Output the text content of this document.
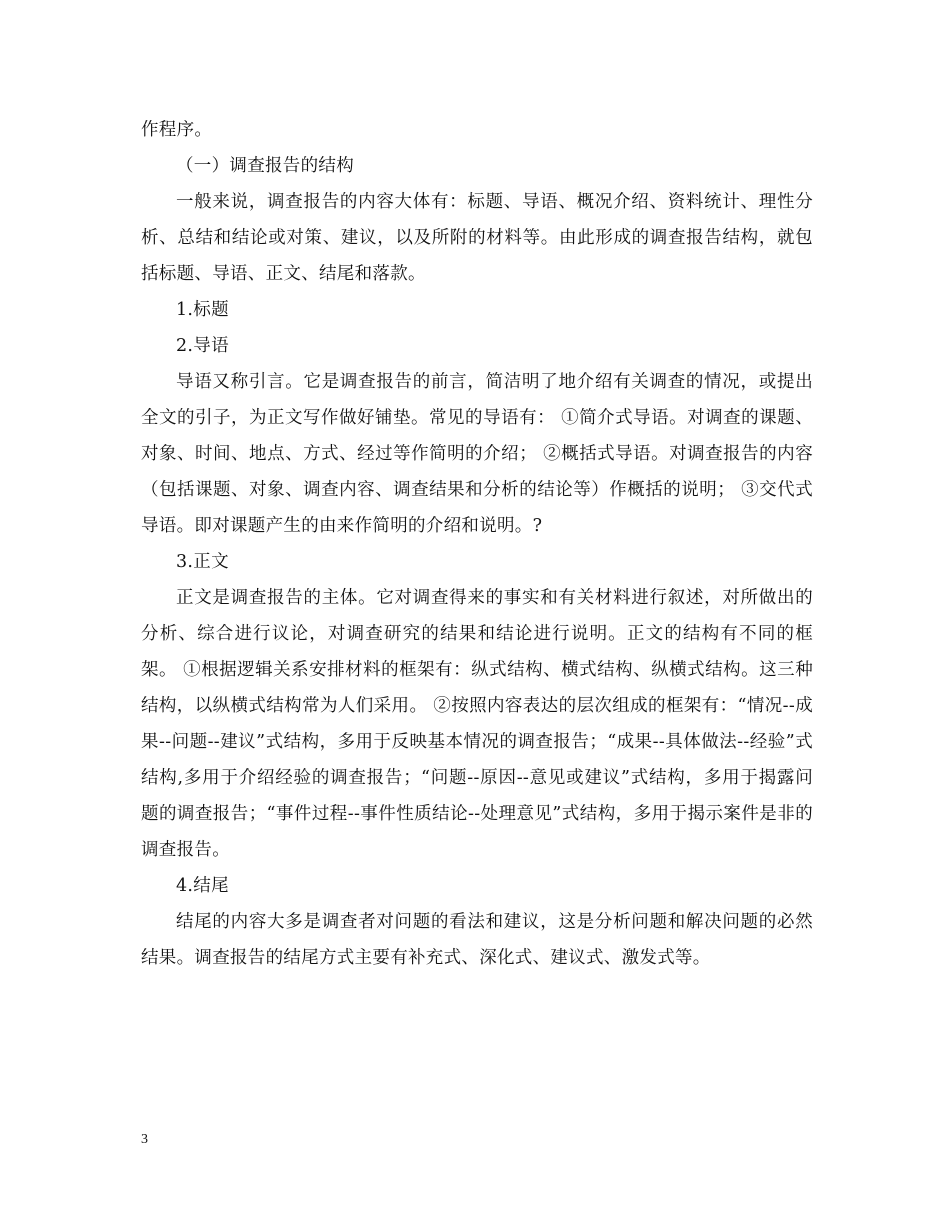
作程序。

（一）调查报告的结构

一般来说，调查报告的内容大体有：标题、导语、概况介绍、资料统计、理性分析、总结和结论或对策、建议，以及所附的材料等。由此形成的调查报告结构，就包括标题、导语、正文、结尾和落款。

1.标题

2.导语

导语又称引言。它是调查报告的前言，简洁明了地介绍有关调查的情况，或提出全文的引子，为正文写作做好铺垫。常见的导语有： ①简介式导语。对调查的课题、对象、时间、地点、方式、经过等作简明的介绍； ②概括式导语。对调查报告的内容（包括课题、对象、调查内容、调查结果和分析的结论等）作概括的说明； ③交代式导语。即对课题产生的由来作简明的介绍和说明。?

3.正文

正文是调查报告的主体。它对调查得来的事实和有关材料进行叙述，对所做出的分析、综合进行议论，对调查研究的结果和结论进行说明。正文的结构有不同的框架。 ①根据逻辑关系安排材料的框架有：纵式结构、横式结构、纵横式结构。这三种结构，以纵横式结构常为人们采用。 ②按照内容表达的层次组成的框架有：“情况--成果--问题--建议”式结构，多用于反映基本情况的调查报告；“成果--具体做法--经验”式结构,多用于介绍经验的调查报告；“问题--原因--意见或建议”式结构，多用于揭露问题的调查报告；“事件过程--事件性质结论--处理意见”式结构，多用于揭示案件是非的调查报告。

4.结尾

结尾的内容大多是调查者对问题的看法和建议，这是分析问题和解决问题的必然结果。调查报告的结尾方式主要有补充式、深化式、建议式、激发式等。

3
